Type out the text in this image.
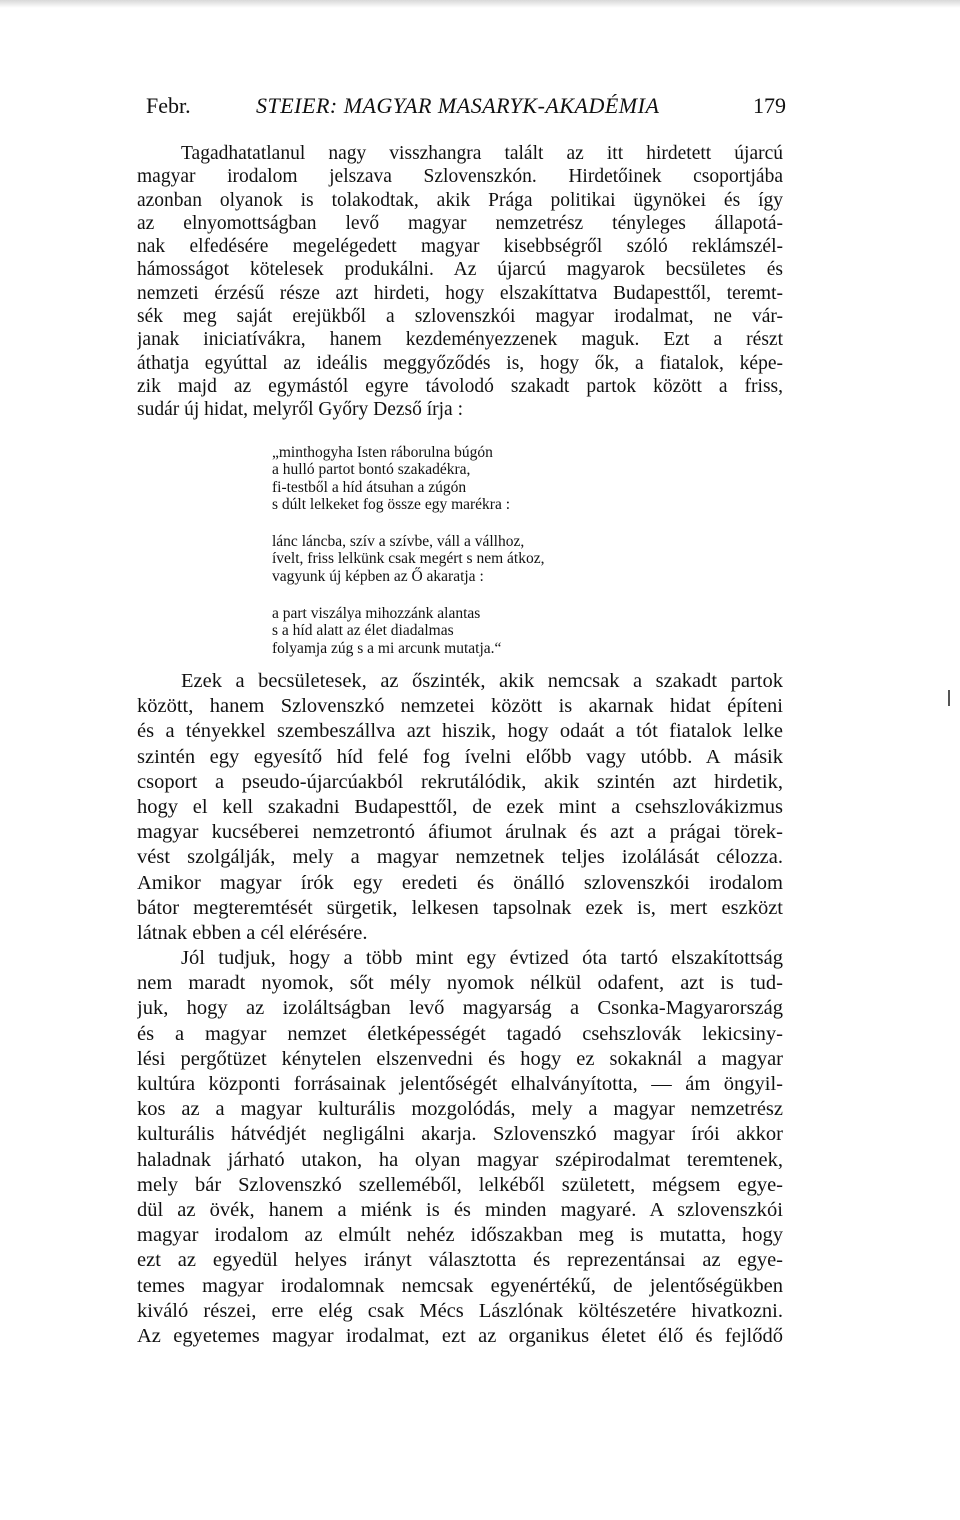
Febr.	STEIER: MAGYAR MASARYK-AKADÉMIA	179
Tagadhatatlanul nagy visszhangra talált az itt hirdetett újarcú
magyar irodalom jelszava Szlovenszkón. Hirdetőinek csoportjába
azonban olyanok is tolakodtak, akik Prága politikai ügynökei és így
az elnyomottságban levő magyar nemzetrész tényleges állapotá-
nak elfedésére megelégedett magyar kisebbségről szóló reklámszél-
hámosságot kötelesek produkálni. Az újarcú magyarok becsületes és
nemzeti érzésű része azt hirdeti, hogy elszakíttatva Budapesttől, teremt-
sék meg saját erejükből a szlovenszkói magyar irodalmat, ne vár-
janak iniciatívákra, hanem kezdeményezzenek maguk. Ezt a részt
áthatja egyúttal az ideális meggyőződés is, hogy ők, a fiatalok, képe-
zik majd az egymástól egyre távolodó szakadt partok között a friss,
sudár új hidat, melyről Győry Dezső írja :
„minthogyha Isten ráborulna búgón
a hulló partot bontó szakadékra,
fi-testből a híd átsuhan a zúgón
s dúlt lelkeket fog össze egy marékra :
lánc láncba, szív a szívbe, váll a vállhoz,
ívelt, friss lelkünk csak megért s nem átkoz,
vagyunk új képben az Ő akaratja :
a part viszálya mihozzánk alantas
s a híd alatt az élet diadalmas
folyamja zúg s a mi arcunk mutatja.“
Ezek a becsületesek, az őszinték, akik nemcsak a szakadt partok
között, hanem Szlovenszkó nemzetei között is akarnak hidat építeni
és a tényekkel szembeszállva azt hiszik, hogy odaát a tót fiatalok lelke
szintén egy egyesítő híd felé fog ívelni előbb vagy utóbb. A másik
csoport a pseudo-újarcúakból rekrutálódik, akik szintén azt hirdetik,
hogy el kell szakadni Budapesttől, de ezek mint a csehszlovákizmus
magyar kucséberei nemzetrontó áfiumot árulnak és azt a prágai törek-
vést szolgálják, mely a magyar nemzetnek teljes izolálását célozza.
Amikor magyar írók egy eredeti és önálló szlovenszkói irodalom
bátor megteremtését sürgetik, lelkesen tapsolnak ezek is, mert eszközt
látnak ebben a cél elérésére.
Jól tudjuk, hogy a több mint egy évtized óta tartó elszakítottság
nem maradt nyomok, sőt mély nyomok nélkül odafent, azt is tud-
juk, hogy az izoláltságban levő magyarság a Csonka-Magyarország
és a magyar nemzet életképességét tagadó csehszlovák lekicsiny-
lési pergőtüzet kénytelen elszenvedni és hogy ez sokaknál a magyar
kultúra központi forrásainak jelentőségét elhalványította, — ám öngyil-
kos az a magyar kulturális mozgolódás, mely a magyar nemzetrész
kulturális hátvédjét negligálni akarja. Szlovenszkó magyar írói akkor
haladnak járható utakon, ha olyan magyar szépirodalmat teremtenek,
mely bár Szlovenszkó szelleméből, lelkéből született, mégsem egye-
dül az övék, hanem a miénk is és minden magyaré. A szlovenszkói
magyar irodalom az elmúlt nehéz időszakban meg is mutatta, hogy
ezt az egyedül helyes irányt választotta és reprezentánsai az egye-
temes magyar irodalomnak nemcsak egyenértékű, de jelentőségükben
kiváló részei, erre elég csak Mécs Lászlónak költészetére hivatkozni.
Az egyetemes magyar irodalmat, ezt az organikus életet élő és fejlődő
